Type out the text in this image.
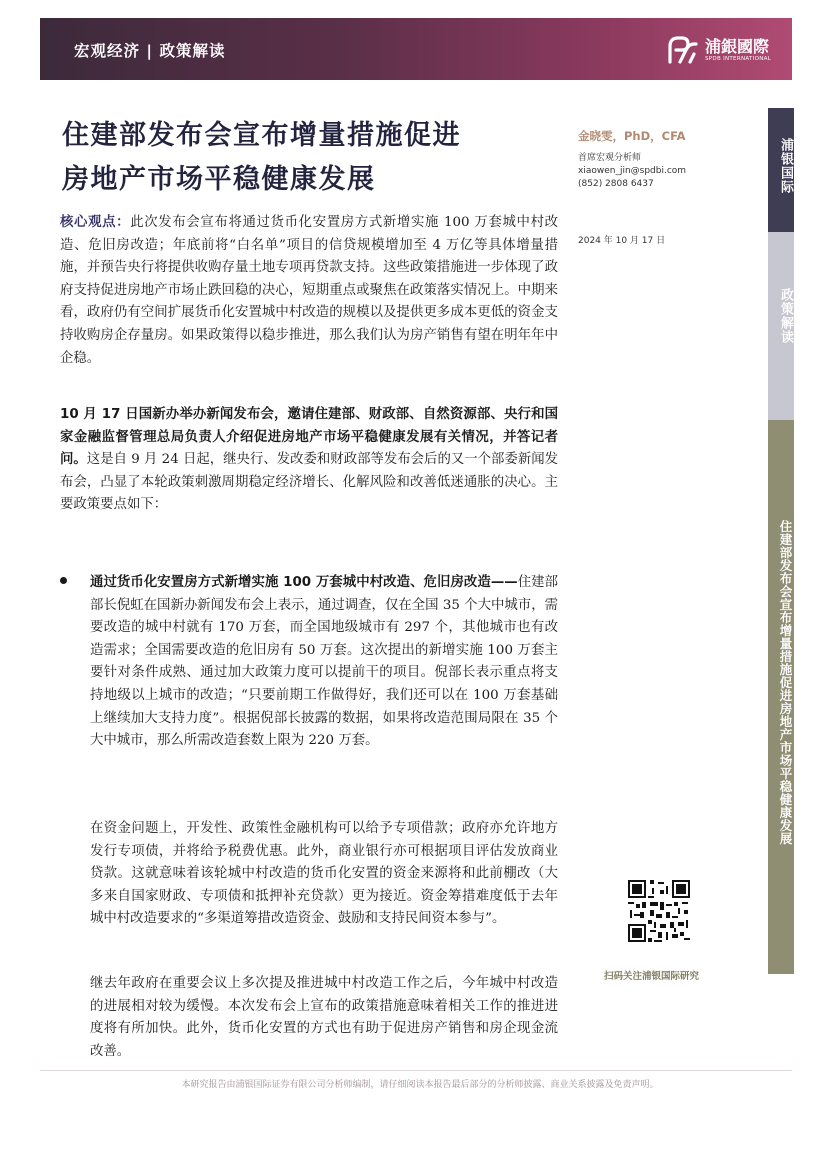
宏观经济 | 政策解读	浦銀國際
SPDB INTERNATIONAL
住建部发布会宣布增量措施促进
房地产市场平稳健康发展
金晓雯，PhD，CFA
首席宏观分析师
xiaowen_jin@spdbi.com
(852) 2808 6437
2024 年 10 月 17 日
浦银国际
政策解读
住建部发布会宣布增量措施促进房地产市场平稳健康发展
核心观点：此次发布会宣布将通过货币化安置房方式新增实施 100 万套城中村改造、危旧房改造；年底前将“白名单”项目的信贷规模增加至 4 万亿等具体增量措施，并预告央行将提供收购存量土地专项再贷款支持。这些政策措施进一步体现了政府支持促进房地产市场止跌回稳的决心，短期重点或聚焦在政策落实情况上。中期来看，政府仍有空间扩展货币化安置城中村改造的规模以及提供更多成本更低的资金支持收购房企存量房。如果政策得以稳步推进，那么我们认为房产销售有望在明年年中企稳。
10 月 17 日国新办举办新闻发布会，邀请住建部、财政部、自然资源部、央行和国家金融监督管理总局负责人介绍促进房地产市场平稳健康发展有关情况，并答记者问。这是自 9 月 24 日起，继央行、发改委和财政部等发布会后的又一个部委新闻发布会，凸显了本轮政策刺激周期稳定经济增长、化解风险和改善低迷通胀的决心。主要政策要点如下：
通过货币化安置房方式新增实施 100 万套城中村改造、危旧房改造——住建部部长倪虹在国新办新闻发布会上表示，通过调查，仅在全国 35 个大中城市，需要改造的城中村就有 170 万套，而全国地级城市有 297 个，其他城市也有改造需求；全国需要改造的危旧房有 50 万套。这次提出的新增实施 100 万套主要针对条件成熟、通过加大政策力度可以提前干的项目。倪部长表示重点将支持地级以上城市的改造；“只要前期工作做得好，我们还可以在 100 万套基础上继续加大支持力度”。根据倪部长披露的数据，如果将改造范围局限在 35 个大中城市，那么所需改造套数上限为 220 万套。
在资金问题上，开发性、政策性金融机构可以给予专项借款；政府亦允许地方发行专项债，并将给予税费优惠。此外，商业银行亦可根据项目评估发放商业贷款。这就意味着该轮城中村改造的货币化安置的资金来源将和此前棚改（大多来自国家财政、专项债和抵押补充贷款）更为接近。资金筹措难度低于去年城中村改造要求的“多渠道筹措改造资金、鼓励和支持民间资本参与”。
继去年政府在重要会议上多次提及推进城中村改造工作之后，今年城中村改造的进展相对较为缓慢。本次发布会上宣布的政策措施意味着相关工作的推进进度将有所加快。此外，货币化安置的方式也有助于促进房产销售和房企现金流改善。
扫码关注浦银国际研究
本研究报告由浦银国际证券有限公司分析师编制，请仔细阅读本报告最后部分的分析师披露、商业关系披露及免责声明。
